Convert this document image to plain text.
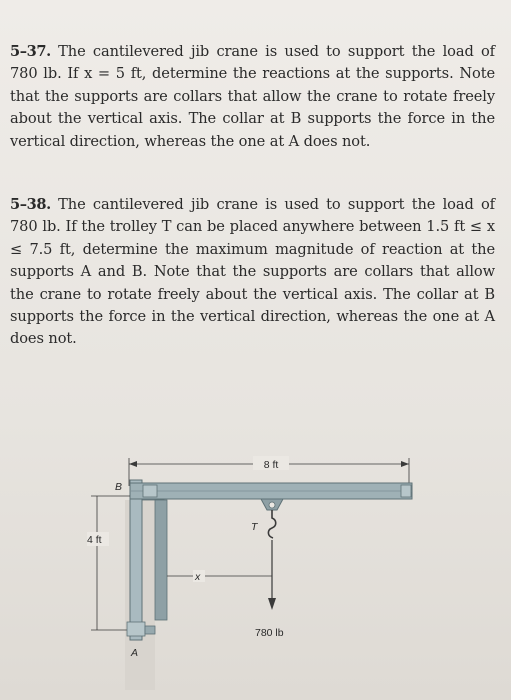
5–37. The cantilevered jib crane is used to support the load of 780 lb. If x = 5 ft, determine the reactions at the supports. Note that the supports are collars that allow the crane to rotate freely about the vertical axis. The collar at B supports the force in the vertical direction, whereas the one at A does not.
5–38. The cantilevered jib crane is used to support the load of 780 lb. If the trolley T can be placed anywhere between 1.5 ft ≤ x ≤ 7.5 ft, determine the maximum magnitude of reaction at the supports A and B. Note that the supports are collars that allow the crane to rotate freely about the vertical axis. The collar at B supports the force in the vertical direction, whereas the one at A does not.
8 ft
780 lb
T
x
4 ft
B
A
